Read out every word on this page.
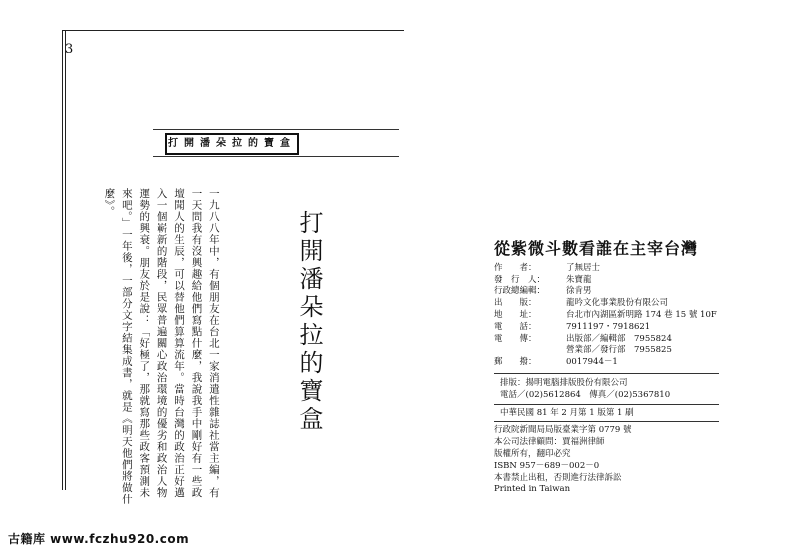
3
打開潘朵拉的寶盒
打開潘朵拉的寶盒
一九八八年中，有個朋友在台北一家消遣性雜誌社當主編，有一天問我有沒興趣給他們寫點什麼，我說我手中剛好有一些政壇聞人的生辰，可以替他們算算流年。當時台灣的政治正好邁入一個嶄新的階段，民眾普遍關心政治環境的優劣和政治人物運勢的興衰。朋友於是說：「好極了，那就寫那些政客預測未來吧。」一年後，一部分文字結集成書，就是《明天他們將做什麼》。
從紫微斗數看誰在主宰台灣
作　　者：	了無居士
發　行　人：	朱寶龍
行政總編輯：	徐肯男
出　　版：	龍吟文化事業股份有限公司
地　　址：	台北市內湖區新明路 174 巷 15 號 10F
電　　話：	7911197・7918621
電　　傳：	出版部／編輯部　7955824
營業部／發行部　7955825
郵　　撥：	0017944－1
排版：揚明電腦排版股份有限公司
電話／(02)5612864　傳真／(02)5367810
中華民國 81 年 2 月第 1 版第 1 刷
行政院新聞局局版臺業字第 0779 號
本公司法律顧問：賈福洲律師
版權所有，翻印必究
ISBN 957－689－002－0
本書禁止出租，否則進行法律訴訟
Printed in Taiwan
古籍库 www.fczhu920.com
